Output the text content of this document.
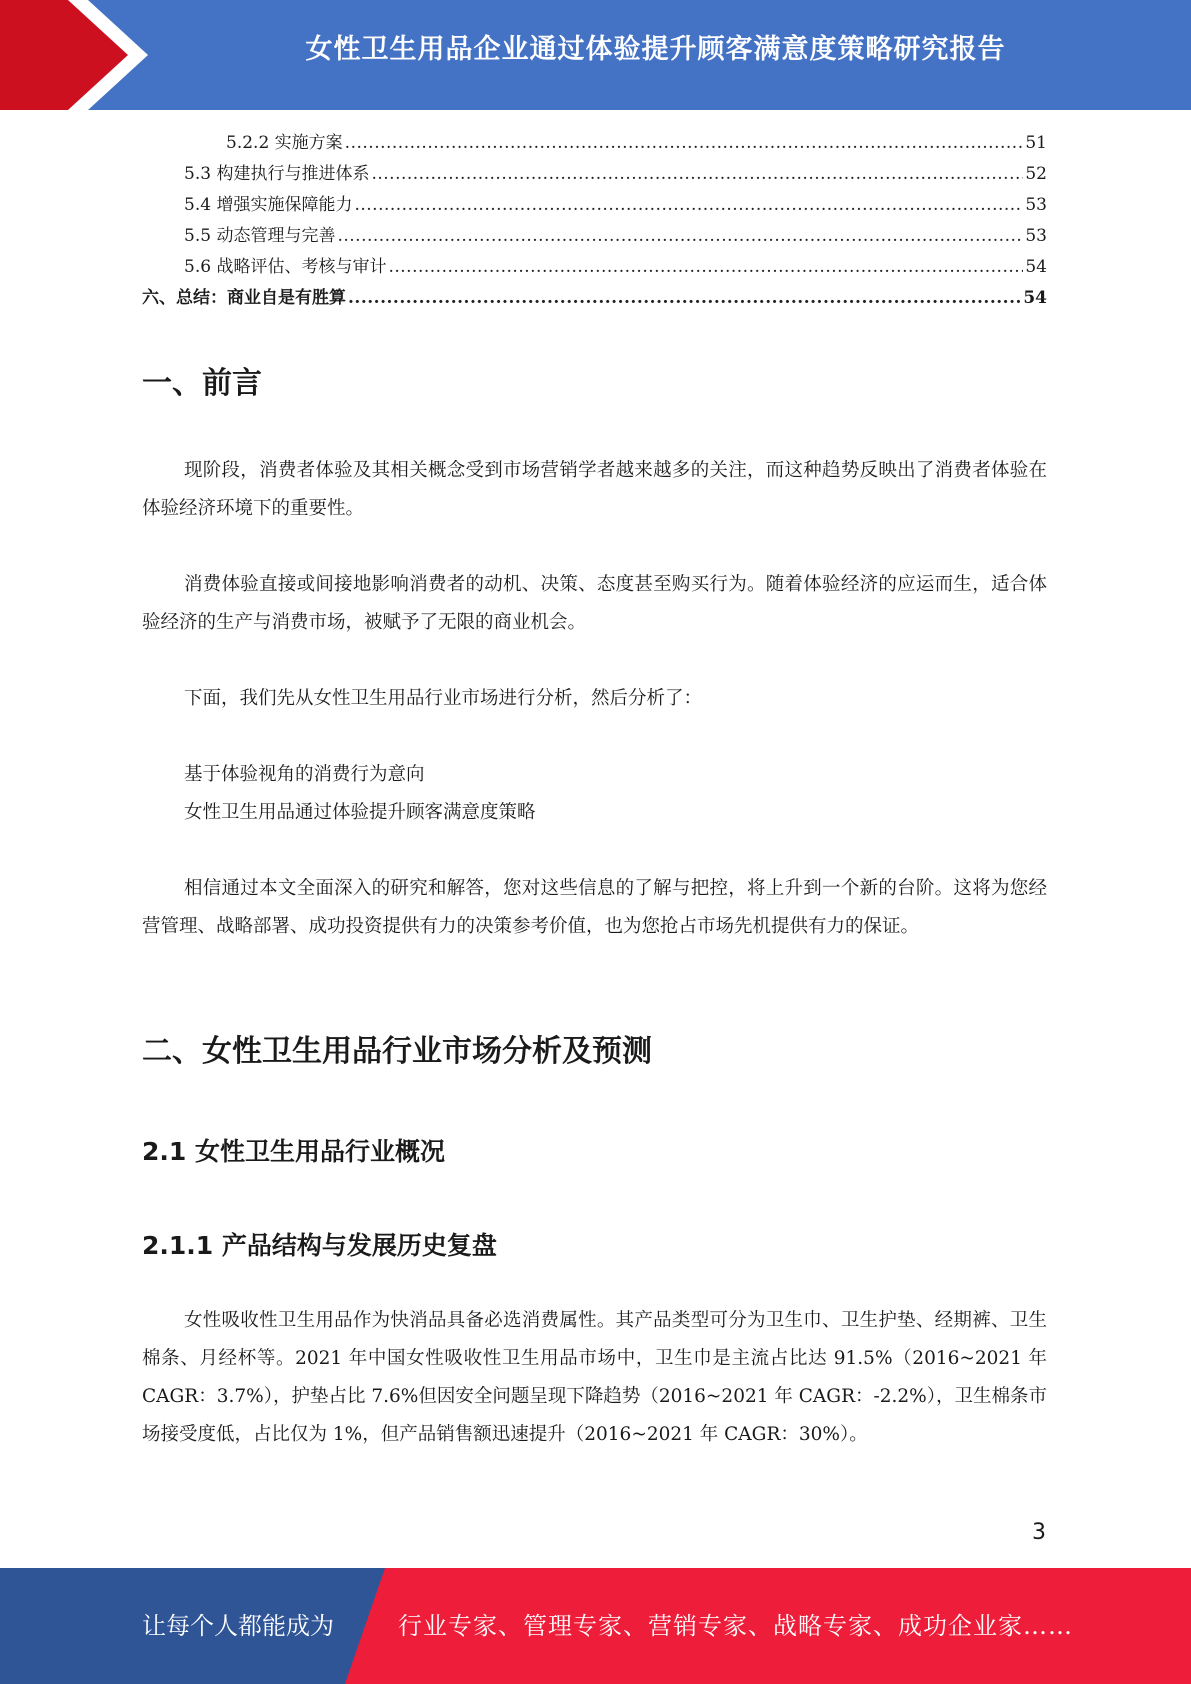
女性卫生用品企业通过体验提升顾客满意度策略研究报告
5.2.2 实施方案 .....	51
5.3 构建执行与推进体系 .....	52
5.4 增强实施保障能力 .....	53
5.5 动态管理与完善 .....	53
5.6 战略评估、考核与审计 .....	54
六、总结：商业自是有胜算 .....	54
一、前言

现阶段，消费者体验及其相关概念受到市场营销学者越来越多的关注，而这种趋势反映出了消费者体验在体验经济环境下的重要性。

消费体验直接或间接地影响消费者的动机、决策、态度甚至购买行为。随着体验经济的应运而生，适合体验经济的生产与消费市场，被赋予了无限的商业机会。

下面，我们先从女性卫生用品行业市场进行分析，然后分析了：

基于体验视角的消费行为意向

女性卫生用品通过体验提升顾客满意度策略

相信通过本文全面深入的研究和解答，您对这些信息的了解与把控，将上升到一个新的台阶。这将为您经营管理、战略部署、成功投资提供有力的决策参考价值，也为您抢占市场先机提供有力的保证。

二、女性卫生用品行业市场分析及预测
2.1 女性卫生用品行业概况
2.1.1 产品结构与发展历史复盘

女性吸收性卫生用品作为快消品具备必选消费属性。其产品类型可分为卫生巾、卫生护垫、经期裤、卫生棉条、月经杯等。2021 年中国女性吸收性卫生用品市场中，卫生巾是主流占比达 91.5%（2016~2021 年 CAGR：3.7%），护垫占比 7.6%但因安全问题呈现下降趋势（2016~2021 年 CAGR：-2.2%），卫生棉条市场接受度低，占比仅为 1%，但产品销售额迅速提升（2016~2021 年 CAGR：30%）。

3
让每个人都能成为	行业专家、管理专家、营销专家、战略专家、成功企业家……
